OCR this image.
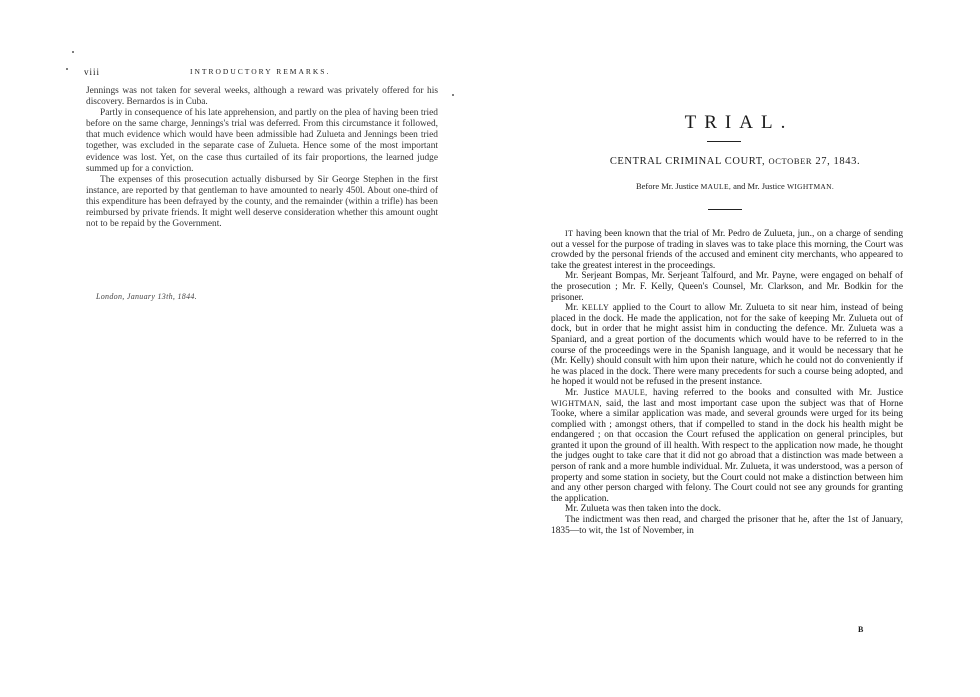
viii	INTRODUCTORY REMARKS.

Jennings was not taken for several weeks, although a reward was privately offered for his discovery. Bernardos is in Cuba.

Partly in consequence of his late apprehension, and partly on the plea of having been tried before on the same charge, Jennings's trial was deferred. From this circumstance it followed, that much evidence which would have been admissible had Zulueta and Jennings been tried together, was excluded in the separate case of Zulueta. Hence some of the most important evidence was lost. Yet, on the case thus curtailed of its fair proportions, the learned judge summed up for a conviction.

The expenses of this prosecution actually disbursed by Sir George Stephen in the first instance, are reported by that gentleman to have amounted to nearly 450l. About one-third of this expenditure has been defrayed by the county, and the remainder (within a trifle) has been reimbursed by private friends. It might well deserve consideration whether this amount ought not to be repaid by the Government.

London, January 13th, 1844.
TRIAL.
CENTRAL CRIMINAL COURT, OCTOBER 27, 1843.
Before Mr. Justice MAULE, and Mr. Justice WIGHTMAN.

IT having been known that the trial of Mr. Pedro de Zulueta, jun., on a charge of sending out a vessel for the purpose of trading in slaves was to take place this morning, the Court was crowded by the personal friends of the accused and eminent city merchants, who appeared to take the greatest interest in the proceedings.

Mr. Serjeant Bompas, Mr. Serjeant Talfourd, and Mr. Payne, were engaged on behalf of the prosecution ; Mr. F. Kelly, Queen's Counsel, Mr. Clarkson, and Mr. Bodkin for the prisoner.

Mr. KELLY applied to the Court to allow Mr. Zulueta to sit near him, instead of being placed in the dock. He made the application, not for the sake of keeping Mr. Zulueta out of dock, but in order that he might assist him in conducting the defence. Mr. Zulueta was a Spaniard, and a great portion of the documents which would have to be referred to in the course of the proceedings were in the Spanish language, and it would be necessary that he (Mr. Kelly) should consult with him upon their nature, which he could not do conveniently if he was placed in the dock. There were many precedents for such a course being adopted, and he hoped it would not be refused in the present instance.

Mr. Justice MAULE, having referred to the books and consulted with Mr. Justice WIGHTMAN, said, the last and most important case upon the subject was that of Horne Tooke, where a similar application was made, and several grounds were urged for its being complied with ; amongst others, that if compelled to stand in the dock his health might be endangered ; on that occasion the Court refused the application on general principles, but granted it upon the ground of ill health. With respect to the application now made, he thought the judges ought to take care that it did not go abroad that a distinction was made between a person of rank and a more humble individual. Mr. Zulueta, it was understood, was a person of property and some station in society, but the Court could not make a distinction between him and any other person charged with felony. The Court could not see any grounds for granting the application.

Mr. Zulueta was then taken into the dock.

The indictment was then read, and charged the prisoner that he, after the 1st of January, 1835—to wit, the 1st of November, in

B
